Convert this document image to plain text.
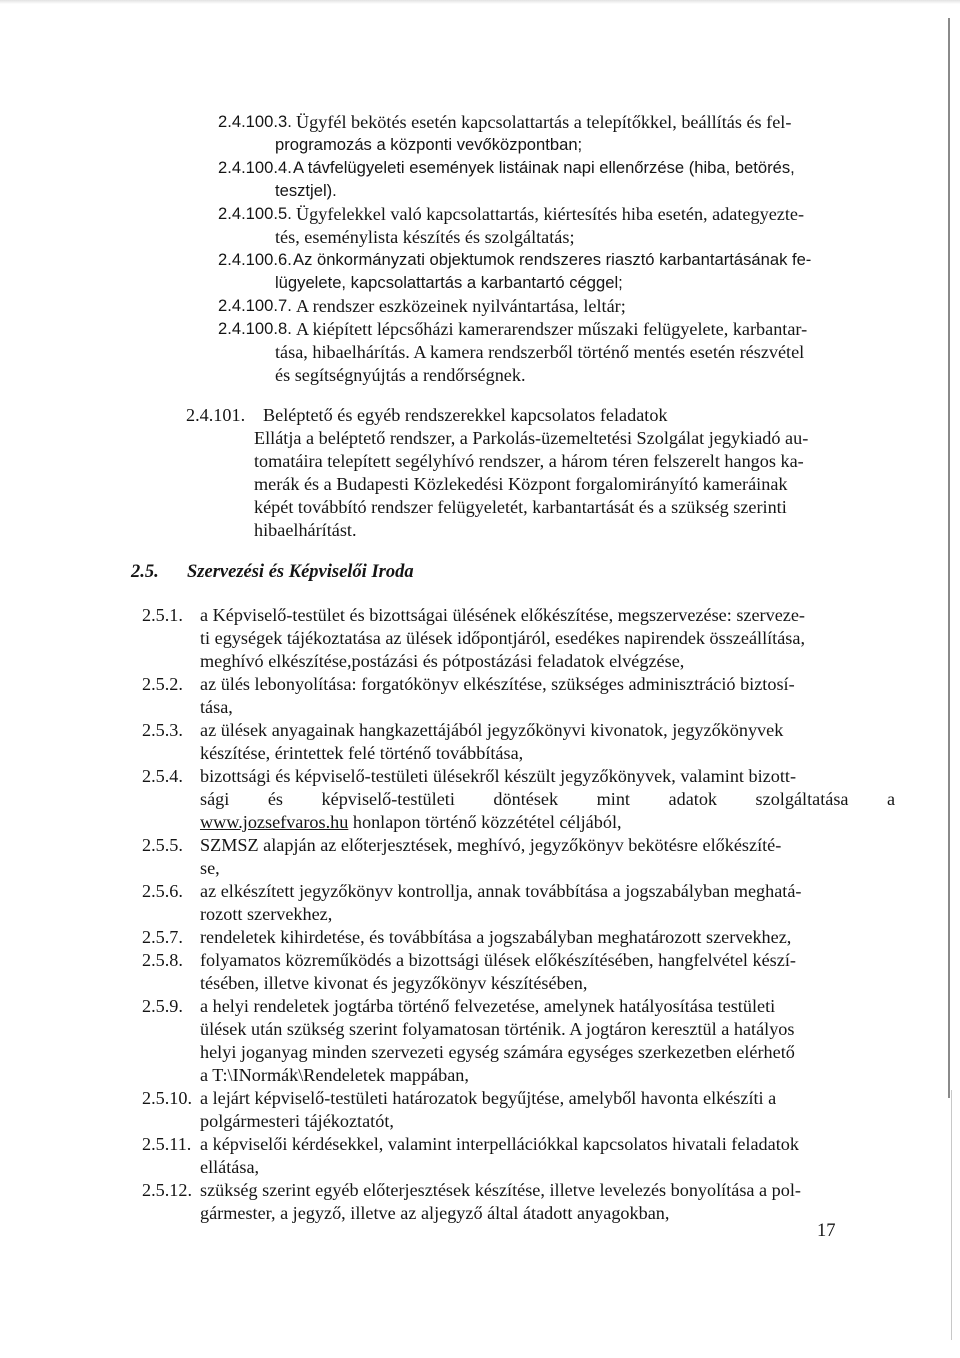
2.4.100.3. Ügyfél bekötés esetén kapcsolattartás a telepítőkkel, beállítás és fel-
programozás a központi vevőközpontban;
2.4.100.4. A távfelügyeleti események listáinak napi ellenőrzése (hiba, betörés,
tesztjel).
2.4.100.5. Ügyfelekkel való kapcsolattartás, kiértesítés hiba esetén, adategyezte-
tés, eseménylista készítés és szolgáltatás;
2.4.100.6. Az önkormányzati objektumok rendszeres riasztó karbantartásának fe-
lügyelete, kapcsolattartás a karbantartó céggel;
2.4.100.7. A rendszer eszközeinek nyilvántartása, leltár;
2.4.100.8. A kiépített lépcsőházi kamerarendszer műszaki felügyelete, karbantar-
tása, hibaelhárítás. A kamera rendszerből történő mentés esetén részvétel
és segítségnyújtás a rendőrségnek.
2.4.101. Beléptető és egyéb rendszerekkel kapcsolatos feladatok
Ellátja a beléptető rendszer, a Parkolás-üzemeltetési Szolgálat jegykiadó au-
tomatáira telepített segélyhívó rendszer, a három téren felszerelt hangos ka-
merák és a Budapesti Közlekedési Központ forgalomirányító kameráinak
képét továbbító rendszer felügyeletét, karbantartását és a szükség szerinti
hibaelhárítást.
2.5. Szervezési és Képviselői Iroda
2.5.1. a Képviselő-testület és bizottságai ülésének előkészítése, megszervezése: szerveze-
ti egységek tájékoztatása az ülések időpontjáról, esedékes napirendek összeállítása,
meghívó elkészítése,postázási és pótpostázási feladatok elvégzése,
2.5.2. az ülés lebonyolítása: forgatókönyv elkészítése, szükséges adminisztráció biztosí-
tása,
2.5.3. az ülések anyagainak hangkazettájából jegyzőkönyvi kivonatok, jegyzőkönyvek
készítése, érintettek felé történő továbbítása,
2.5.4. bizottsági és képviselő-testületi ülésekről készült jegyzőkönyvek, valamint bizott-
sági és képviselő-testületi döntések mint adatok szolgáltatása a
www.jozsefvaros.hu honlapon történő közzététel céljából,
2.5.5. SZMSZ alapján az előterjesztések, meghívó, jegyzőkönyv bekötésre előkészíté-
se,
2.5.6. az elkészített jegyzőkönyv kontrollja, annak továbbítása a jogszabályban meghatá-
rozott szervekhez,
2.5.7. rendeletek kihirdetése, és továbbítása a jogszabályban meghatározott szervekhez,
2.5.8. folyamatos közreműködés a bizottsági ülések előkészítésében, hangfelvétel készí-
tésében, illetve kivonat és jegyzőkönyv készítésében,
2.5.9. a helyi rendeletek jogtárba történő felvezetése, amelynek hatályosítása testületi
ülések után szükség szerint folyamatosan történik. A jogtáron keresztül a hatályos
helyi joganyag minden szervezeti egység számára egységes szerkezetben elérhető
a T:\INormák\Rendeletek mappában,
2.5.10. a lejárt képviselő-testületi határozatok begyűjtése, amelyből havonta elkészíti a
polgármesteri tájékoztatót,
2.5.11. a képviselői kérdésekkel, valamint interpellációkkal kapcsolatos hivatali feladatok
ellátása,
2.5.12. szükség szerint egyéb előterjesztések készítése, illetve levelezés bonyolítása a pol-
gármester, a jegyző, illetve az aljegyző által átadott anyagokban,
17
